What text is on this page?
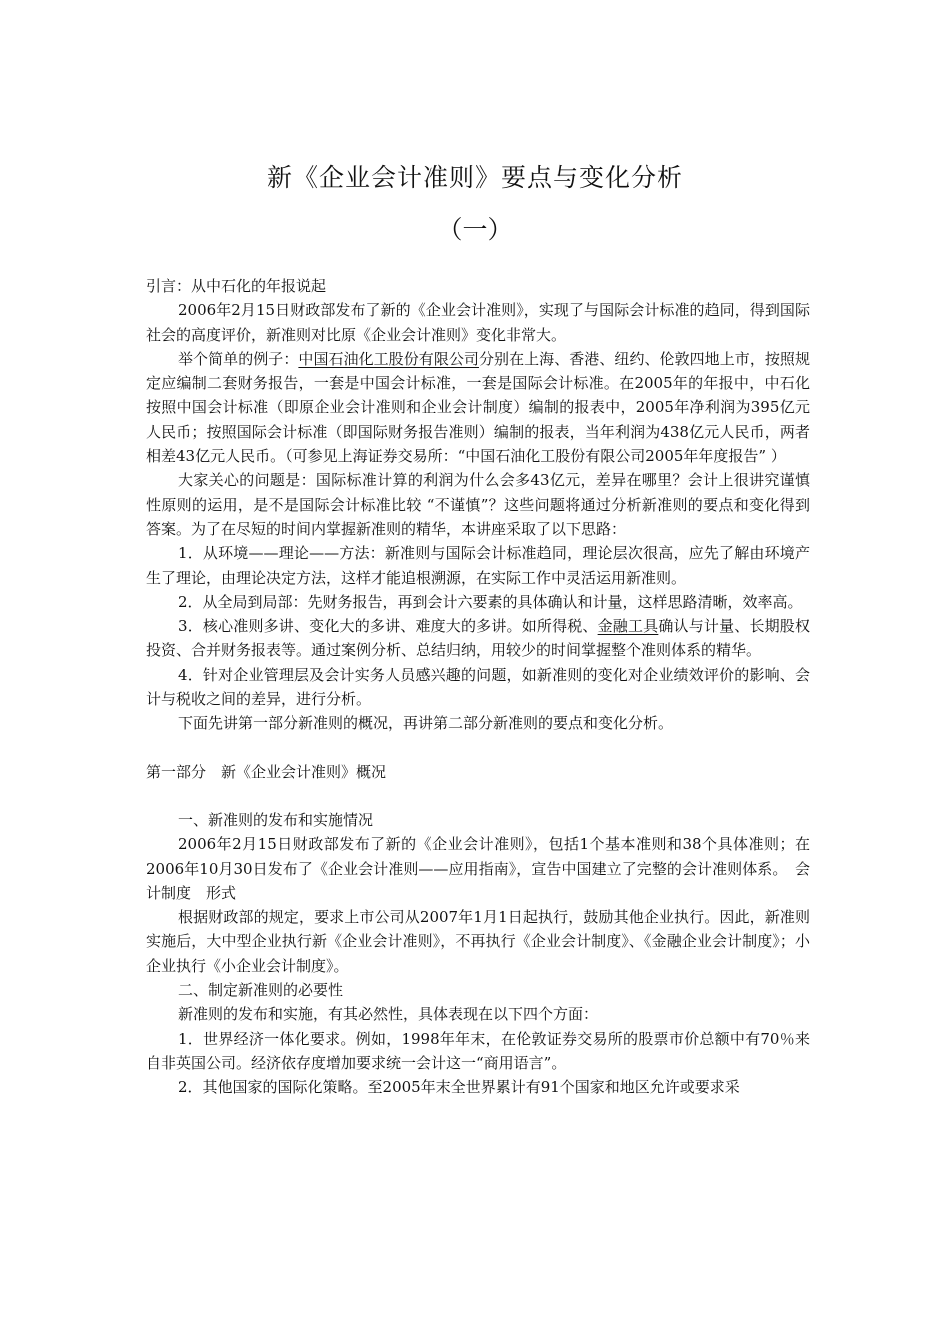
新《企业会计准则》要点与变化分析
（一）

引言：从中石化的年报说起

2006年2月15日财政部发布了新的《企业会计准则》，实现了与国际会计标准的趋同，得到国际社会的高度评价，新准则对比原《企业会计准则》变化非常大。

举个简单的例子：中国石油化工股份有限公司分别在上海、香港、纽约、伦敦四地上市，按照规定应编制二套财务报告，一套是中国会计标准，一套是国际会计标准。在2005年的年报中，中石化按照中国会计标准（即原企业会计准则和企业会计制度）编制的报表中，2005年净利润为395亿元人民币；按照国际会计标准（即国际财务报告准则）编制的报表，当年利润为438亿元人民币，两者相差43亿元人民币。（可参见上海证券交易所：“中国石油化工股份有限公司2005年年度报告” ）

大家关心的问题是：国际标准计算的利润为什么会多43亿元，差异在哪里？会计上很讲究谨慎性原则的运用，是不是国际会计标准比较 “不谨慎”？这些问题将通过分析新准则的要点和变化得到答案。为了在尽短的时间内掌握新准则的精华，本讲座采取了以下思路：

1．从环境——理论——方法：新准则与国际会计标准趋同，理论层次很高，应先了解由环境产生了理论，由理论决定方法，这样才能追根溯源，在实际工作中灵活运用新准则。

2．从全局到局部：先财务报告，再到会计六要素的具体确认和计量，这样思路清晰，效率高。

3．核心准则多讲、变化大的多讲、难度大的多讲。如所得税、金融工具确认与计量、长期股权投资、合并财务报表等。通过案例分析、总结归纳，用较少的时间掌握整个准则体系的精华。

4．针对企业管理层及会计实务人员感兴趣的问题，如新准则的变化对企业绩效评价的影响、会计与税收之间的差异，进行分析。

下面先讲第一部分新准则的概况，再讲第二部分新准则的要点和变化分析。

第一部分　新《企业会计准则》概况

一、新准则的发布和实施情况

2006年2月15日财政部发布了新的《企业会计准则》，包括1个基本准则和38个具体准则；在2006年10月30日发布了《企业会计准则——应用指南》，宣告中国建立了完整的会计准则体系。　会计制度　形式

根据财政部的规定，要求上市公司从2007年1月1日起执行，鼓励其他企业执行。因此，新准则实施后，大中型企业执行新《企业会计准则》，不再执行《企业会计制度》、《金融企业会计制度》；小企业执行《小企业会计制度》。

二、制定新准则的必要性

新准则的发布和实施，有其必然性，具体表现在以下四个方面：

1．世界经济一体化要求。例如，1998年年末，在伦敦证券交易所的股票市价总额中有70％来自非英国公司。经济依存度增加要求统一会计这一“商用语言”。

2．其他国家的国际化策略。至2005年末全世界累计有91个国家和地区允许或要求采
